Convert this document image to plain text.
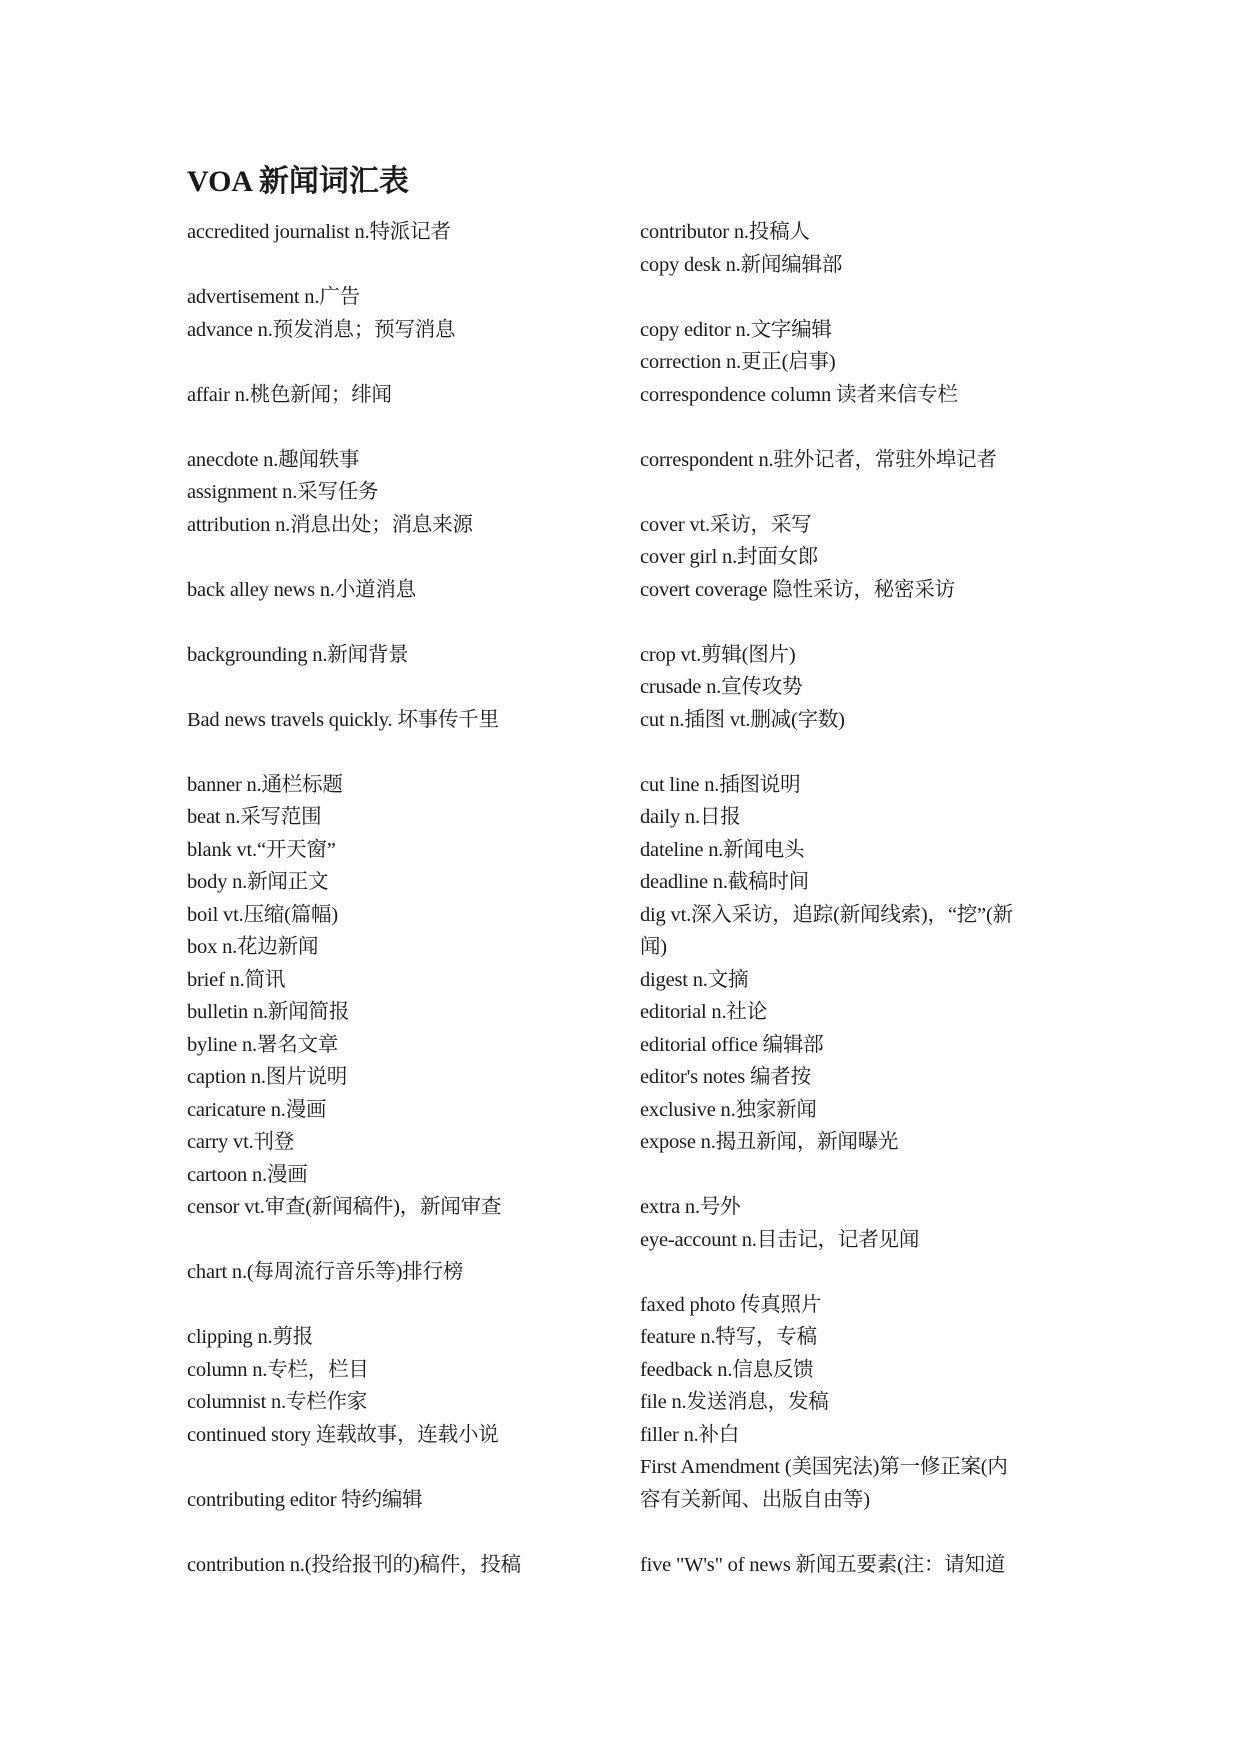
VOA 新闻词汇表
accredited journalist n.特派记者
advertisement n.广告
advance n.预发消息；预写消息
affair n.桃色新闻；绯闻
anecdote n.趣闻轶事
assignment n.采写任务
attribution n.消息出处；消息来源
back alley news n.小道消息
backgrounding n.新闻背景
Bad news travels quickly. 坏事传千里
banner n.通栏标题
beat n.采写范围
blank vt.“开天窗”
body n.新闻正文
boil vt.压缩(篇幅)
box n.花边新闻
brief n.简讯
bulletin n.新闻简报
byline n.署名文章
caption n.图片说明
caricature n.漫画
carry vt.刊登
cartoon n.漫画
censor vt.审查(新闻稿件)，新闻审查
chart n.(每周流行音乐等)排行榜
clipping n.剪报
column n.专栏，栏目
columnist n.专栏作家
continued story 连载故事，连载小说
contributing editor 特约编辑
contribution n.(投给报刊的)稿件，投稿
contributor n.投稿人
copy desk n.新闻编辑部
copy editor n.文字编辑
correction n.更正(启事)
correspondence column 读者来信专栏
correspondent n.驻外记者，常驻外埠记者
cover vt.采访，采写
cover girl n.封面女郎
covert coverage 隐性采访，秘密采访
crop vt.剪辑(图片)
crusade n.宣传攻势
cut n.插图 vt.删减(字数)
cut line n.插图说明
daily n.日报
dateline n.新闻电头
deadline n.截稿时间
dig vt.深入采访，追踪(新闻线索)，“挖”(新
闻)
digest n.文摘
editorial n.社论
editorial office 编辑部
editor's notes 编者按
exclusive n.独家新闻
expose n.揭丑新闻，新闻曝光
extra n.号外
eye-account n.目击记，记者见闻
faxed photo 传真照片
feature n.特写，专稿
feedback n.信息反馈
file n.发送消息，发稿
filler n.补白
First Amendment (美国宪法)第一修正案(内
容有关新闻、出版自由等)
five "W's" of news 新闻五要素(注：请知道
